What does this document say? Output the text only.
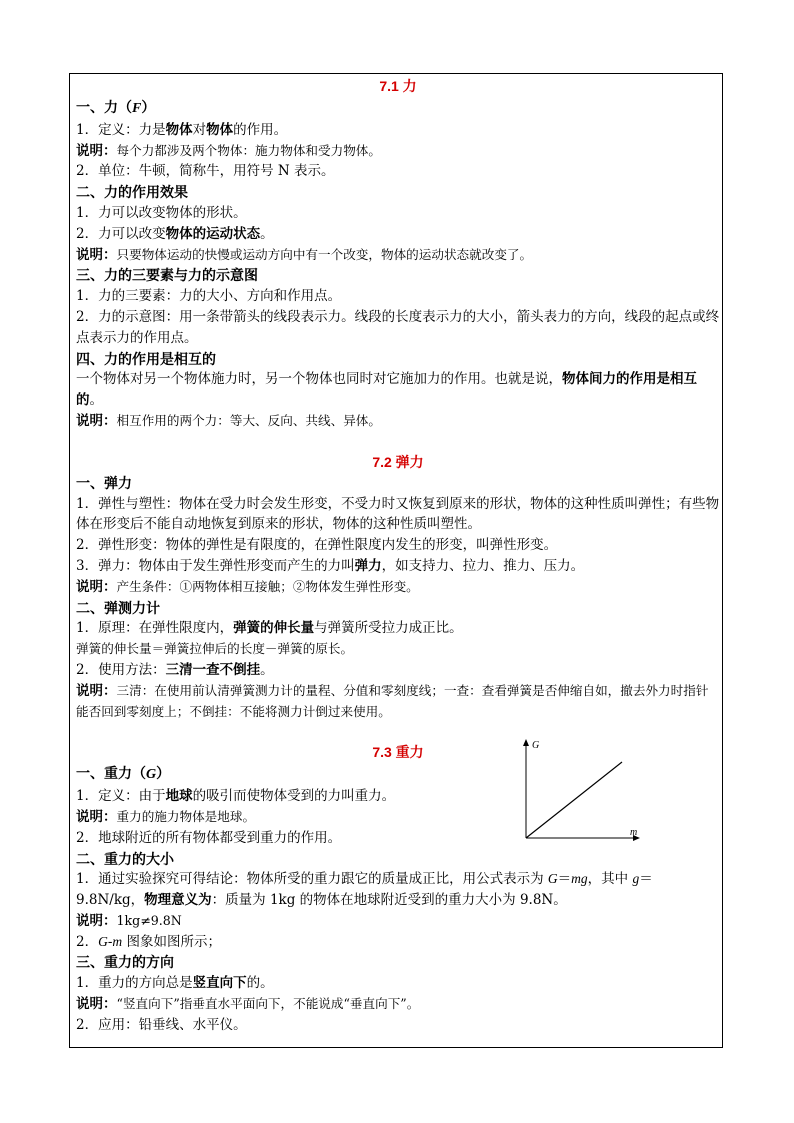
7.1 力
一、力（F）
1．定义：力是物体对物体的作用。
说明：每个力都涉及两个物体：施力物体和受力物体。
2．单位：牛顿，简称牛，用符号 N 表示。
二、力的作用效果
1．力可以改变物体的形状。
2．力可以改变物体的运动状态。
说明：只要物体运动的快慢或运动方向中有一个改变，物体的运动状态就改变了。
三、力的三要素与力的示意图
1．力的三要素：力的大小、方向和作用点。
2．力的示意图：用一条带箭头的线段表示力。线段的长度表示力的大小，箭头表力的方向，线段的起点或终点表示力的作用点。
四、力的作用是相互的
一个物体对另一个物体施力时，另一个物体也同时对它施加力的作用。也就是说，物体间力的作用是相互的。
说明：相互作用的两个力：等大、反向、共线、异体。
7.2 弹力
一、弹力
1．弹性与塑性：物体在受力时会发生形变，不受力时又恢复到原来的形状，物体的这种性质叫弹性；有些物体在形变后不能自动地恢复到原来的形状，物体的这种性质叫塑性。
2．弹性形变：物体的弹性是有限度的，在弹性限度内发生的形变，叫弹性形变。
3．弹力：物体由于发生弹性形变而产生的力叫弹力，如支持力、拉力、推力、压力。
说明：产生条件：①两物体相互接触；②物体发生弹性形变。
二、弹测力计
1．原理：在弹性限度内，弹簧的伸长量与弹簧所受拉力成正比。
弹簧的伸长量＝弹簧拉伸后的长度－弹簧的原长。
2．使用方法：三清一查不倒挂。
说明：三清：在使用前认清弹簧测力计的量程、分值和零刻度线；一查：查看弹簧是否伸缩自如，撤去外力时指针能否回到零刻度上；不倒挂：不能将测力计倒过来使用。
7.3 重力
一、重力（G）
1．定义：由于地球的吸引而使物体受到的力叫重力。
说明：重力的施力物体是地球。
2．地球附近的所有物体都受到重力的作用。
二、重力的大小
1．通过实验探究可得结论：物体所受的重力跟它的质量成正比，用公式表示为 G＝mg，其中 g＝9.8N/kg，物理意义为：质量为 1kg 的物体在地球附近受到的重力大小为 9.8N。
说明：1kg≠9.8N
2．G-m 图象如图所示；
三、重力的方向
1．重力的方向总是竖直向下的。
说明：“竖直向下”指垂直水平面向下，不能说成“垂直向下”。
2．应用：铅垂线、水平仪。
G
m
